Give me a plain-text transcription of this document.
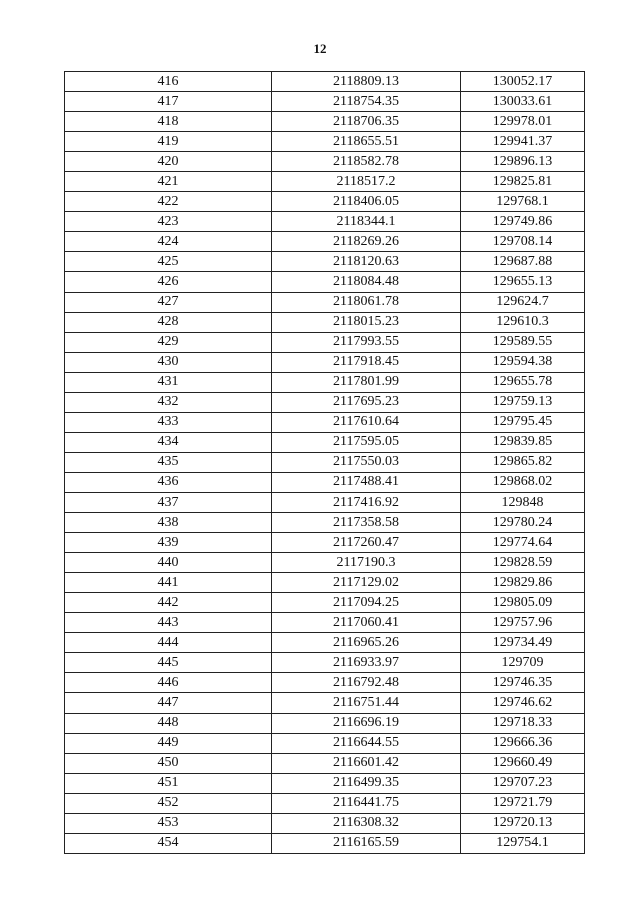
12
416	2118809.13	130052.17
417	2118754.35	130033.61
418	2118706.35	129978.01
419	2118655.51	129941.37
420	2118582.78	129896.13
421	2118517.2	129825.81
422	2118406.05	129768.1
423	2118344.1	129749.86
424	2118269.26	129708.14
425	2118120.63	129687.88
426	2118084.48	129655.13
427	2118061.78	129624.7
428	2118015.23	129610.3
429	2117993.55	129589.55
430	2117918.45	129594.38
431	2117801.99	129655.78
432	2117695.23	129759.13
433	2117610.64	129795.45
434	2117595.05	129839.85
435	2117550.03	129865.82
436	2117488.41	129868.02
437	2117416.92	129848
438	2117358.58	129780.24
439	2117260.47	129774.64
440	2117190.3	129828.59
441	2117129.02	129829.86
442	2117094.25	129805.09
443	2117060.41	129757.96
444	2116965.26	129734.49
445	2116933.97	129709
446	2116792.48	129746.35
447	2116751.44	129746.62
448	2116696.19	129718.33
449	2116644.55	129666.36
450	2116601.42	129660.49
451	2116499.35	129707.23
452	2116441.75	129721.79
453	2116308.32	129720.13
454	2116165.59	129754.1
